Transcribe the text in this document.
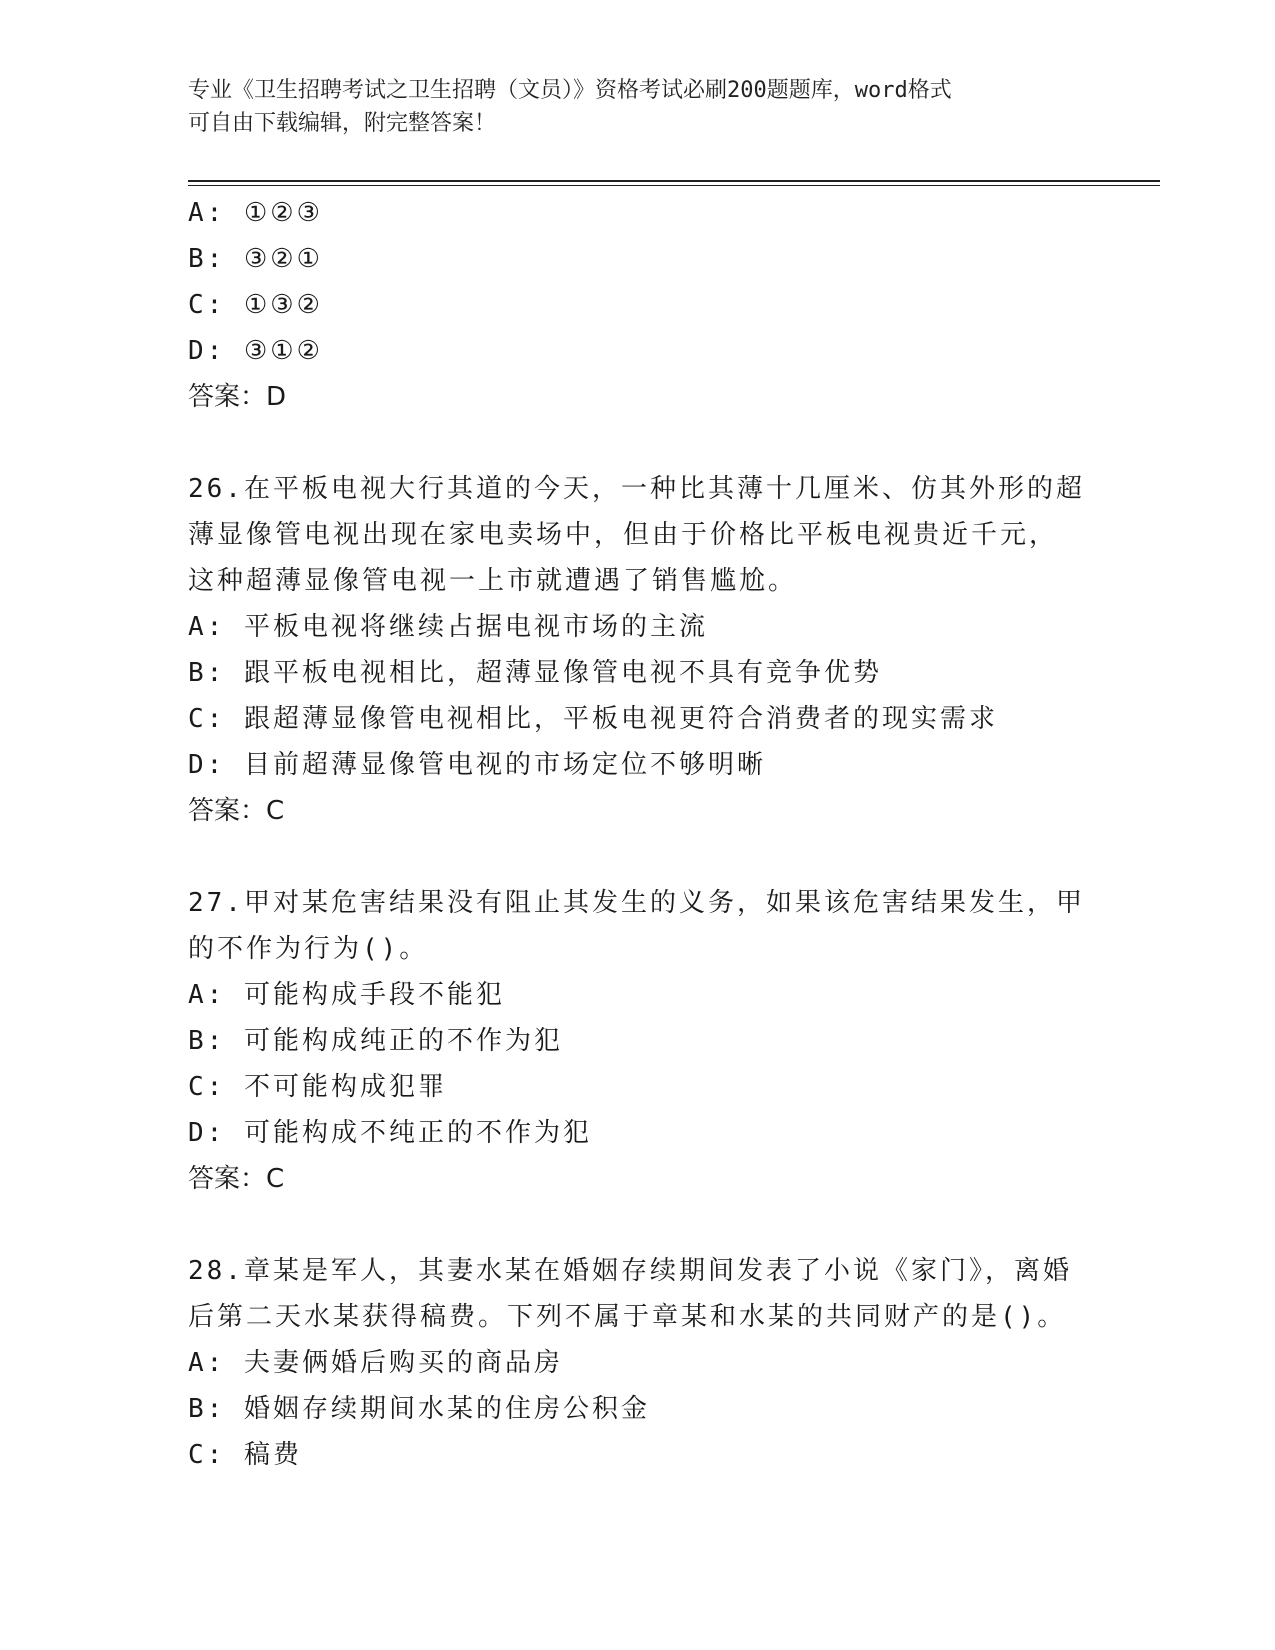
专业《卫生招聘考试之卫生招聘（文员）》资格考试必刷200题题库，word格式
可自由下载编辑，附完整答案！
A: ①②③
B: ③②①
C: ①③②
D: ③①②
答案：D
26.在平板电视大行其道的今天，一种比其薄十几厘米、仿其外形的超
薄显像管电视出现在家电卖场中，但由于价格比平板电视贵近千元，
这种超薄显像管电视一上市就遭遇了销售尴尬。
A: 平板电视将继续占据电视市场的主流
B: 跟平板电视相比，超薄显像管电视不具有竞争优势
C: 跟超薄显像管电视相比，平板电视更符合消费者的现实需求
D: 目前超薄显像管电视的市场定位不够明晰
答案：C
27.甲对某危害结果没有阻止其发生的义务，如果该危害结果发生，甲
的不作为行为()。
A: 可能构成手段不能犯
B: 可能构成纯正的不作为犯
C: 不可能构成犯罪
D: 可能构成不纯正的不作为犯
答案：C
28.章某是军人，其妻水某在婚姻存续期间发表了小说《家门》，离婚
后第二天水某获得稿费。下列不属于章某和水某的共同财产的是()。
A: 夫妻俩婚后购买的商品房
B: 婚姻存续期间水某的住房公积金
C: 稿费
